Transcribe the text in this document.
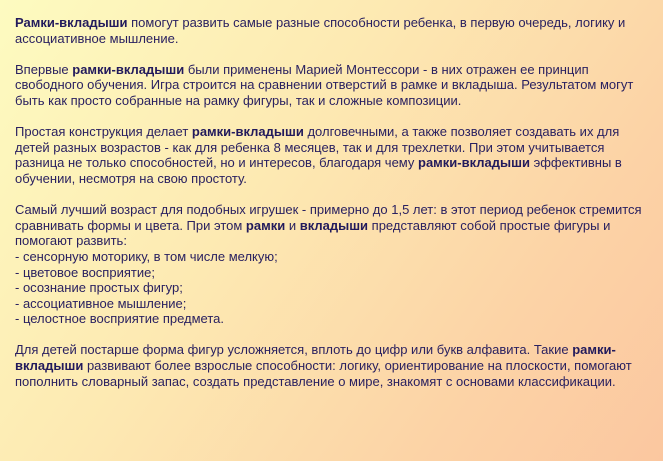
Рамки-вкладыши помогут развить самые разные способности ребенка, в первую очередь, логику и ассоциативное мышление.

Впервые рамки-вкладыши были применены Марией Монтессори - в них отражен ее принцип свободного обучения. Игра строится на сравнении отверстий в рамке и вкладыша. Результатом могут быть как просто собранные на рамку фигуры, так и сложные композиции.

Простая конструкция делает рамки-вкладыши долговечными, а также позволяет создавать их для детей разных возрастов - как для ребенка 8 месяцев, так и для трехлетки. При этом учитывается разница не только способностей, но и интересов, благодаря чему рамки-вкладыши эффективны в обучении, несмотря на свою простоту.

Самый лучший возраст для подобных игрушек - примерно до 1,5 лет: в этот период ребенок стремится сравнивать формы и цвета. При этом рамки и вкладыши представляют собой простые фигуры и помогают развить:
- сенсорную моторику, в том числе мелкую;
- цветовое восприятие;
- осознание простых фигур;
- ассоциативное мышление;
- целостное восприятие предмета.

Для детей постарше форма фигур усложняется, вплоть до цифр или букв алфавита. Такие рамки-вкладыши развивают более взрослые способности: логику, ориентирование на плоскости, помогают пополнить словарный запас, создать представление о мире, знакомят с основами классификации.
